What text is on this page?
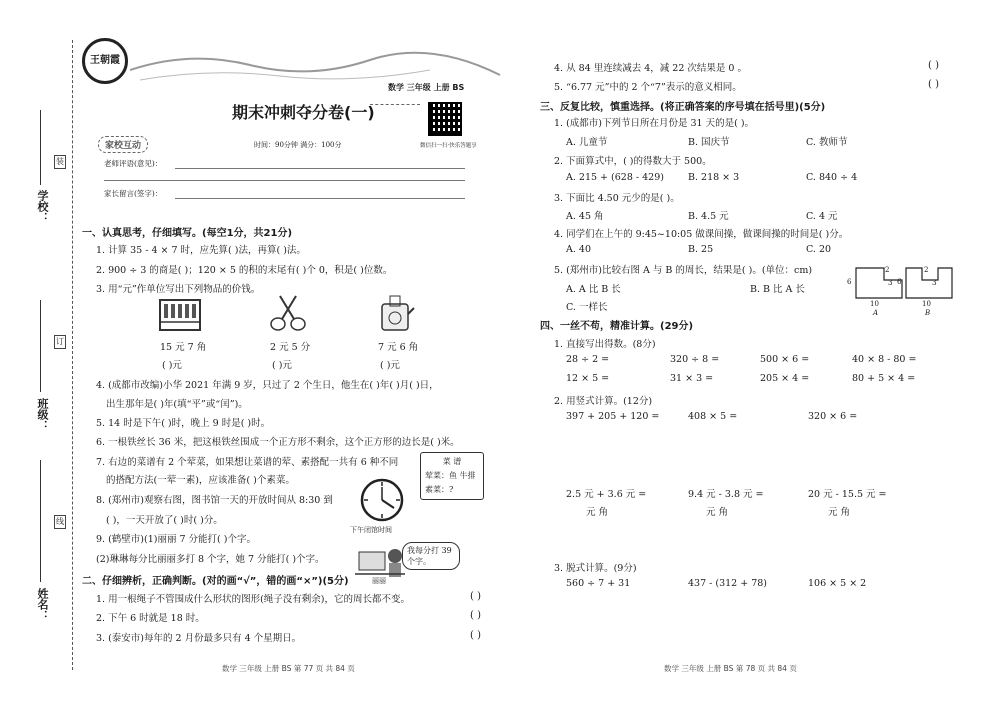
学校：
班级：
姓名：
装
订
线
王朝霞
数学 三年级 上册 BS
期末冲刺夺分卷(一)
微信扫一扫·快乐答题享
家校互动	时间：90分钟 满分：100分
老师评语(意见)：
家长留言(签字)：
一、认真思考，仔细填写。(每空1分，共21分)
1. 计算 35 - 4 × 7 时，应先算( )法，再算( )法。
2. 900 ÷ 3 的商是( )；120 × 5 的积的末尾有( )个 0，积是( )位数。
3. 用“元”作单位写出下列物品的价钱。
15 元 7 角	2 元 5 分	7 元 6 角
( )元	( )元	( )元
4. (成都市改编)小华 2021 年满 9 岁，只过了 2 个生日，他生在( )年( )月( )日，
出生那年是( )年(填“平”或“闰”)。
5. 14 时是下午( )时，晚上 9 时是( )时。
6. 一根铁丝长 36 米，把这根铁丝围成一个正方形不剩余，这个正方形的边长是( )米。
7. 右边的菜谱有 2 个荤菜，如果想让菜谱的荤、素搭配一共有 6 种不同
的搭配方法(一荤一素)，应该准备( )个素菜。
菜 谱
荤菜：鱼 牛排
素菜：?
8. (郑州市)观察右图，图书馆一天的开放时间从 8:30 到
( )，一天开放了( )时( )分。
下午闭馆时间
9. (鹤壁市)(1)丽丽 7 分能打( )个字。
(2)琳琳每分比丽丽多打 8 个字，她 7 分能打( )个字。
我每分打 39 个字。
丽丽
二、仔细辨析，正确判断。(对的画“√”，错的画“×”)(5分)
1. 用一根绳子不管围成什么形状的图形(绳子没有剩余)，它的周长都不变。	( )
2. 下午 6 时就是 18 时。	( )
3. (泰安市)每年的 2 月份最多只有 4 个星期日。	( )
数学 三年级 上册 BS 第 77 页 共 84 页
4. 从 84 里连续减去 4，减 22 次结果是 0 。	( )
5. “6.77 元”中的 2 个“7”表示的意义相同。	( )
三、反复比较，慎重选择。(将正确答案的序号填在括号里)(5分)
1. (成都市)下列节日所在月份是 31 天的是( )。
A. 儿童节	B. 国庆节	C. 教师节
2. 下面算式中，( )的得数大于 500。
A. 215 + (628 - 429)	B. 218 × 3	C. 840 ÷ 4
3. 下面比 4.50 元少的是( )。
A. 45 角	B. 4.5 元	C. 4 元
4. 同学们在上午的 9:45~10:05 做课间操，做课间操的时间是( )分。
A. 40	B. 25	C. 20
5. (郑州市)比较右图 A 与 B 的周长，结果是( )。(单位：cm)
A. A 比 B 长	B. B 比 A 长
C. 一样长
2
3
6
10
A
2
3
6
10
B
四、一丝不苟，精准计算。(29分)
1. 直接写出得数。(8分)
28 ÷ 2 =	320 ÷ 8 =	500 × 6 =	40 × 8 - 80 =
12 × 5 =	31 × 3 =	205 × 4 =	80 + 5 × 4 =
2. 用竖式计算。(12分)
397 + 205 + 120 =	408 × 5 =	320 × 6 =
2.5 元 + 3.6 元 =	9.4 元 - 3.8 元 =	20 元 - 15.5 元 =
元 角	元 角	元 角
3. 脱式计算。(9分)
560 ÷ 7 + 31	437 - (312 + 78)	106 × 5 × 2
数学 三年级 上册 BS 第 78 页 共 84 页
